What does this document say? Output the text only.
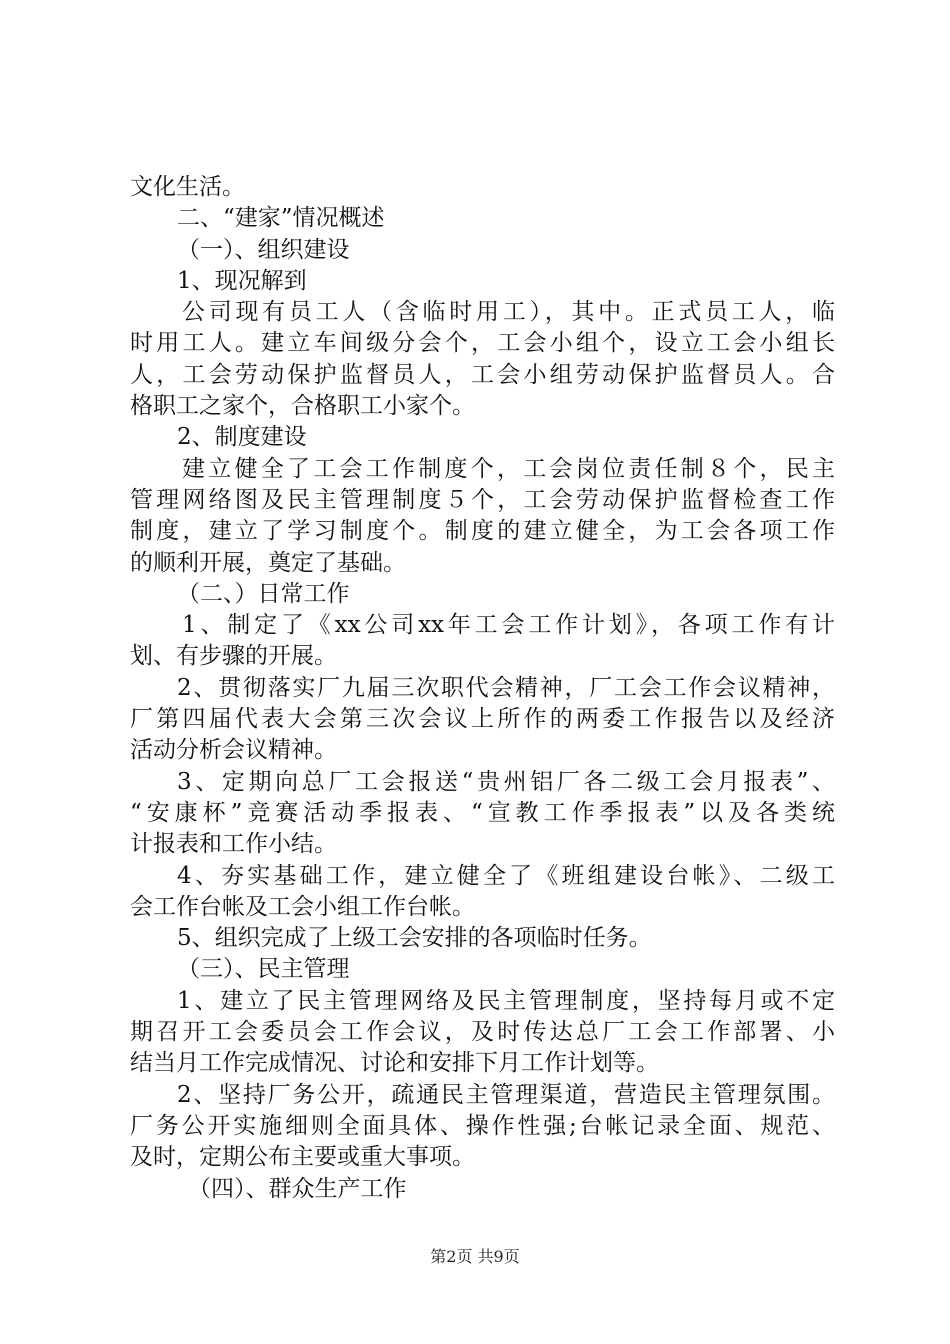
文化生活。
二、“建家”情况概述
（一）、组织建设
1、现况解到
公司现有员工人（含临时用工），其中。正式员工人，临
时用工人。建立车间级分会个，工会小组个，设立工会小组长
人，工会劳动保护监督员人，工会小组劳动保护监督员人。合
格职工之家个，合格职工小家个。
2、制度建设
建立健全了工会工作制度个，工会岗位责任制８个，民主
管理网络图及民主管理制度５个，工会劳动保护监督检查工作
制度，建立了学习制度个。制度的建立健全，为工会各项工作
的顺利开展，奠定了基础。
（二、）日常工作
1、制定了《xx公司xx年工会工作计划》，各项工作有计
划、有步骤的开展。
2、贯彻落实厂九届三次职代会精神，厂工会工作会议精神，
厂第四届代表大会第三次会议上所作的两委工作报告以及经济
活动分析会议精神。
3、定期向总厂工会报送“贵州铝厂各二级工会月报表”、
“安康杯”竞赛活动季报表、“宣教工作季报表”以及各类统
计报表和工作小结。
4、夯实基础工作，建立健全了《班组建设台帐》、二级工
会工作台帐及工会小组工作台帐。
5、组织完成了上级工会安排的各项临时任务。
（三）、民主管理
1、建立了民主管理网络及民主管理制度，坚持每月或不定
期召开工会委员会工作会议，及时传达总厂工会工作部署、小
结当月工作完成情况、讨论和安排下月工作计划等。
2、坚持厂务公开，疏通民主管理渠道，营造民主管理氛围。
厂务公开实施细则全面具体、操作性强;台帐记录全面、规范、
及时，定期公布主要或重大事项。
（四）、群众生产工作
第2页 共9页
